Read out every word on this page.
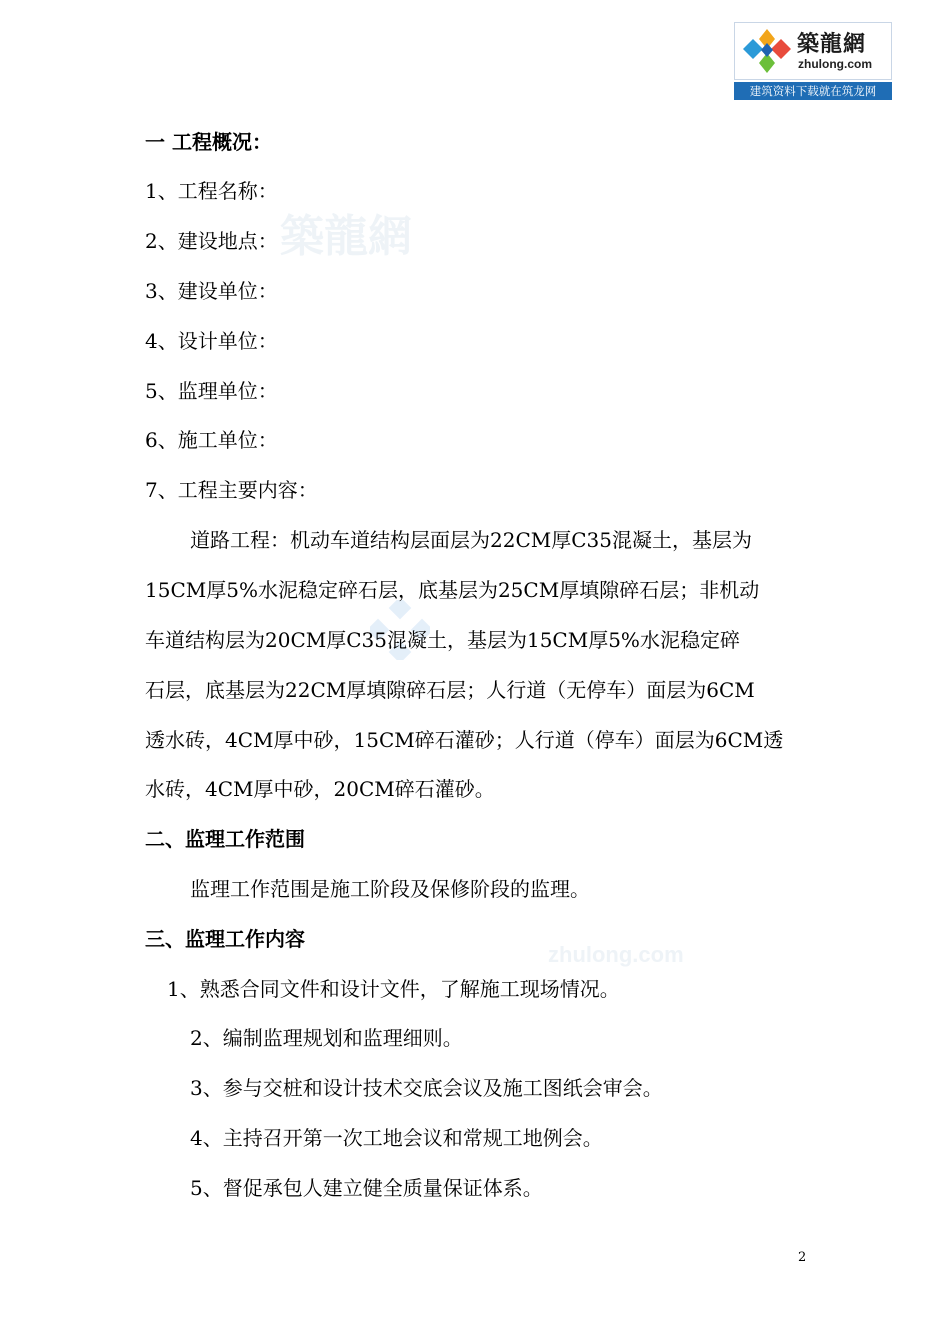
築龍網
zhulong.com
築龍網
zhulong.com
建筑资料下载就在筑龙网
一 工程概况：
1、工程名称：
2、建设地点：
3、建设单位：
4、设计单位：
5、监理单位：
6、施工单位：
7、工程主要内容：
道路工程：机动车道结构层面层为22CM厚C35混凝土，基层为
15CM厚5%水泥稳定碎石层，底基层为25CM厚填隙碎石层；非机动
车道结构层为20CM厚C35混凝土，基层为15CM厚5%水泥稳定碎
石层，底基层为22CM厚填隙碎石层；人行道（无停车）面层为6CM
透水砖，4CM厚中砂，15CM碎石灌砂；人行道（停车）面层为6CM透
水砖，4CM厚中砂，20CM碎石灌砂。
二、监理工作范围
监理工作范围是施工阶段及保修阶段的监理。
三、监理工作内容
1、熟悉合同文件和设计文件，了解施工现场情况。
2、编制监理规划和监理细则。
3、参与交桩和设计技术交底会议及施工图纸会审会。
4、主持召开第一次工地会议和常规工地例会。
5、督促承包人建立健全质量保证体系。
2
